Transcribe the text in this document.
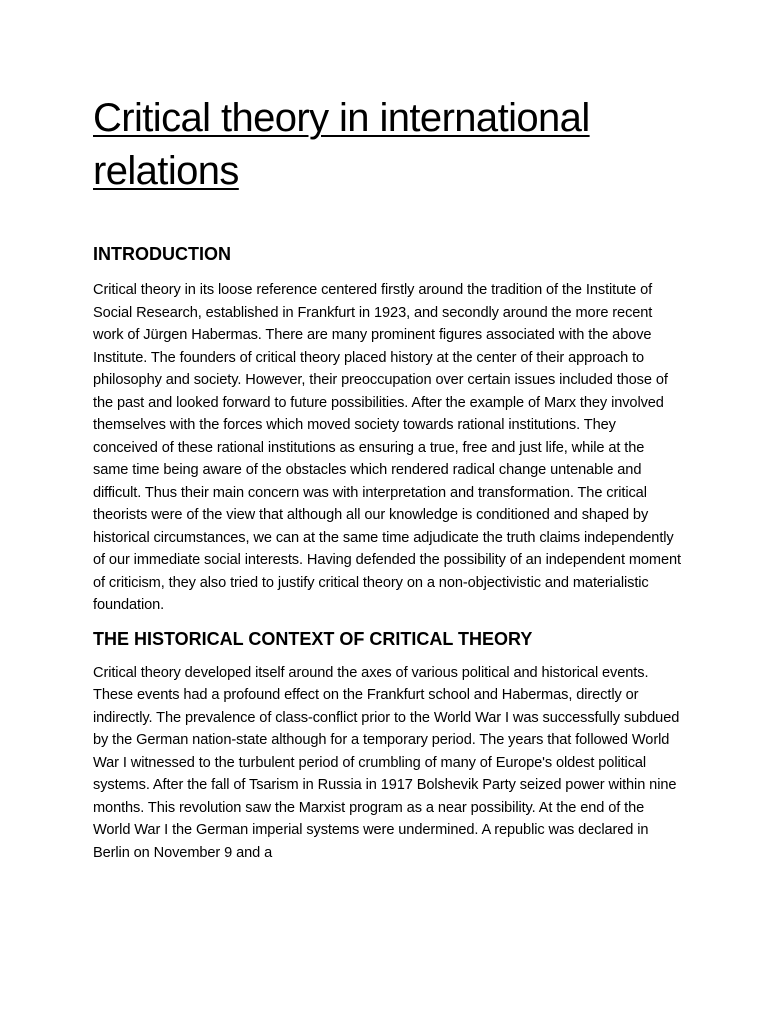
Critical theory in international relations
INTRODUCTION

Critical theory in its loose reference centered firstly around the tradition of the Institute of Social Research, established in Frankfurt in 1923, and secondly around the more recent work of Jürgen Habermas. There are many prominent figures associated with the above Institute. The founders of critical theory placed history at the center of their approach to philosophy and society. However, their preoccupation over certain issues included those of the past and looked forward to future possibilities. After the example of Marx they involved themselves with the forces which moved society towards rational institutions. They conceived of these rational institutions as ensuring a true, free and just life, while at the same time being aware of the obstacles which rendered radical change untenable and difficult. Thus their main concern was with interpretation and transformation. The critical theorists were of the view that although all our knowledge is conditioned and shaped by historical circumstances, we can at the same time adjudicate the truth claims independently of our immediate social interests. Having defended the possibility of an independent moment of criticism, they also tried to justify critical theory on a non-objectivistic and materialistic foundation.

THE HISTORICAL CONTEXT OF CRITICAL THEORY

Critical theory developed itself around the axes of various political and historical events. These events had a profound effect on the Frankfurt school and Habermas, directly or indirectly. The prevalence of class-conflict prior to the World War I was successfully subdued by the German nation-state although for a temporary period. The years that followed World War I witnessed to the turbulent period of crumbling of many of Europe's oldest political systems. After the fall of Tsarism in Russia in 1917 Bolshevik Party seized power within nine months. This revolution saw the Marxist program as a near possibility. At the end of the World War I the German imperial systems were undermined. A republic was declared in Berlin on November 9 and a
